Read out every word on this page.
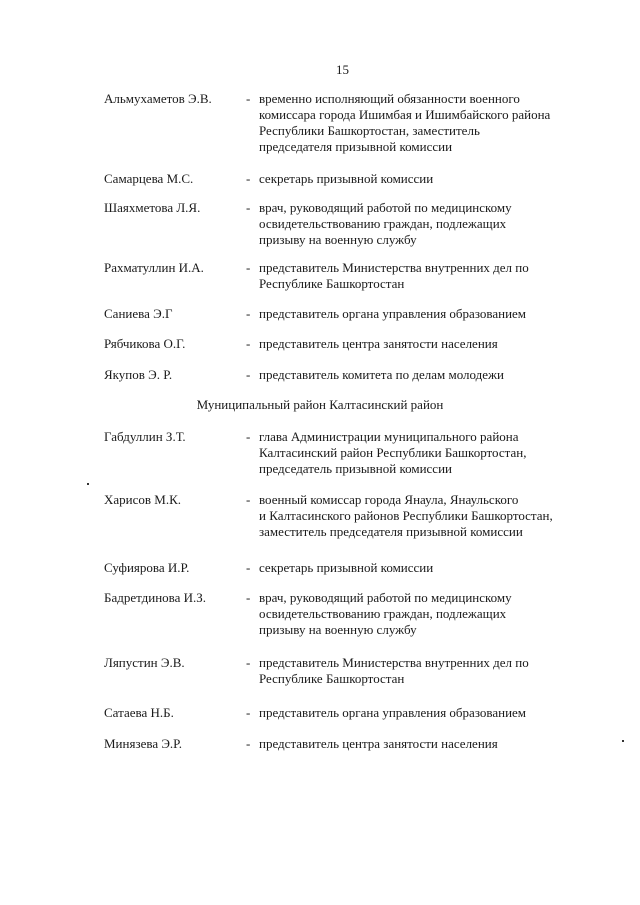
15
Альмухаметов Э.В.	- временно исполняющий обязанности военного
комиссара города Ишимбая и Ишимбайского района
Республики Башкортостан, заместитель
председателя призывной комиссии
Самарцева М.С.	- секретарь призывной комиссии
Шаяхметова Л.Я.	- врач, руководящий работой по медицинскому
освидетельствованию граждан, подлежащих
призыву на военную службу
Рахматуллин И.А.	- представитель Министерства внутренних дел по
Республике Башкортостан
Саниева Э.Г	- представитель органа управления образованием
Рябчикова О.Г.	- представитель центра занятости населения
Якупов Э. Р.	- представитель комитета по делам молодежи
Муниципальный район Калтасинский район
Габдуллин З.Т.	- глава Администрации муниципального района
Калтасинский район Республики Башкортостан,
председатель призывной комиссии
Харисов М.К.	- военный комиссар города Янаула, Янаульского
и Калтасинского районов Республики Башкортостан,
заместитель председателя призывной комиссии
Суфиярова И.Р.	- секретарь призывной комиссии
Бадретдинова И.З.	- врач, руководящий работой по медицинскому
освидетельствованию граждан, подлежащих
призыву на военную службу
Ляпустин Э.В.	- представитель Министерства внутренних дел по
Республике Башкортостан
Сатаева Н.Б.	- представитель органа управления образованием
Минязева Э.Р.	- представитель центра занятости населения
